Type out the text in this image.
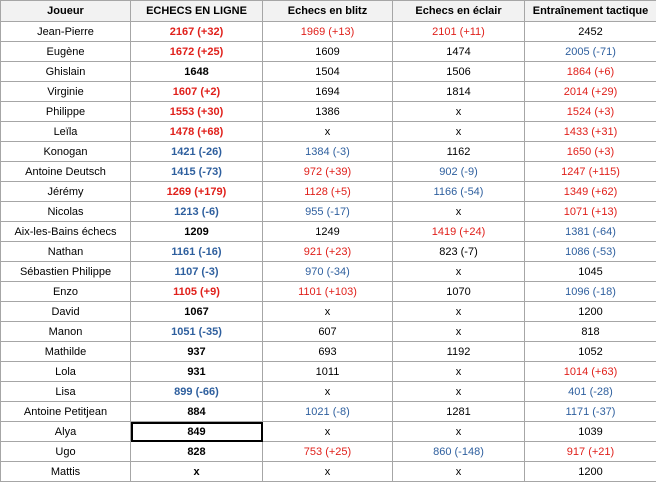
Joueur	ECHECS EN LIGNE	Echecs en blitz	Echecs en éclair	Entraînement tactique
Jean-Pierre	2167 (+32)	1969 (+13)	2101 (+11)	2452
Eugène	1672 (+25)	1609	1474	2005 (-71)
Ghislain	1648	1504	1506	1864 (+6)
Virginie	1607 (+2)	1694	1814	2014 (+29)
Philippe	1553 (+30)	1386	x	1524 (+3)
Leïla	1478 (+68)	x	x	1433 (+31)
Konogan	1421 (-26)	1384 (-3)	1162	1650 (+3)
Antoine Deutsch	1415 (-73)	972 (+39)	902 (-9)	1247 (+115)
Jérémy	1269 (+179)	1128 (+5)	1166 (-54)	1349 (+62)
Nicolas	1213 (-6)	955 (-17)	x	1071 (+13)
Aix-les-Bains échecs	1209	1249	1419 (+24)	1381 (-64)
Nathan	1161 (-16)	921 (+23)	823 (-7)	1086 (-53)
Sébastien Philippe	1107 (-3)	970 (-34)	x	1045
Enzo	1105 (+9)	1101 (+103)	1070	1096 (-18)
David	1067	x	x	1200
Manon	1051 (-35)	607	x	818
Mathilde	937	693	1192	1052
Lola	931	1011	x	1014 (+63)
Lisa	899 (-66)	x	x	401 (-28)
Antoine Petitjean	884	1021 (-8)	1281	1171 (-37)
Alya	849	x	x	1039
Ugo	828	753 (+25)	860 (-148)	917 (+21)
Mattis	x	x	x	1200
